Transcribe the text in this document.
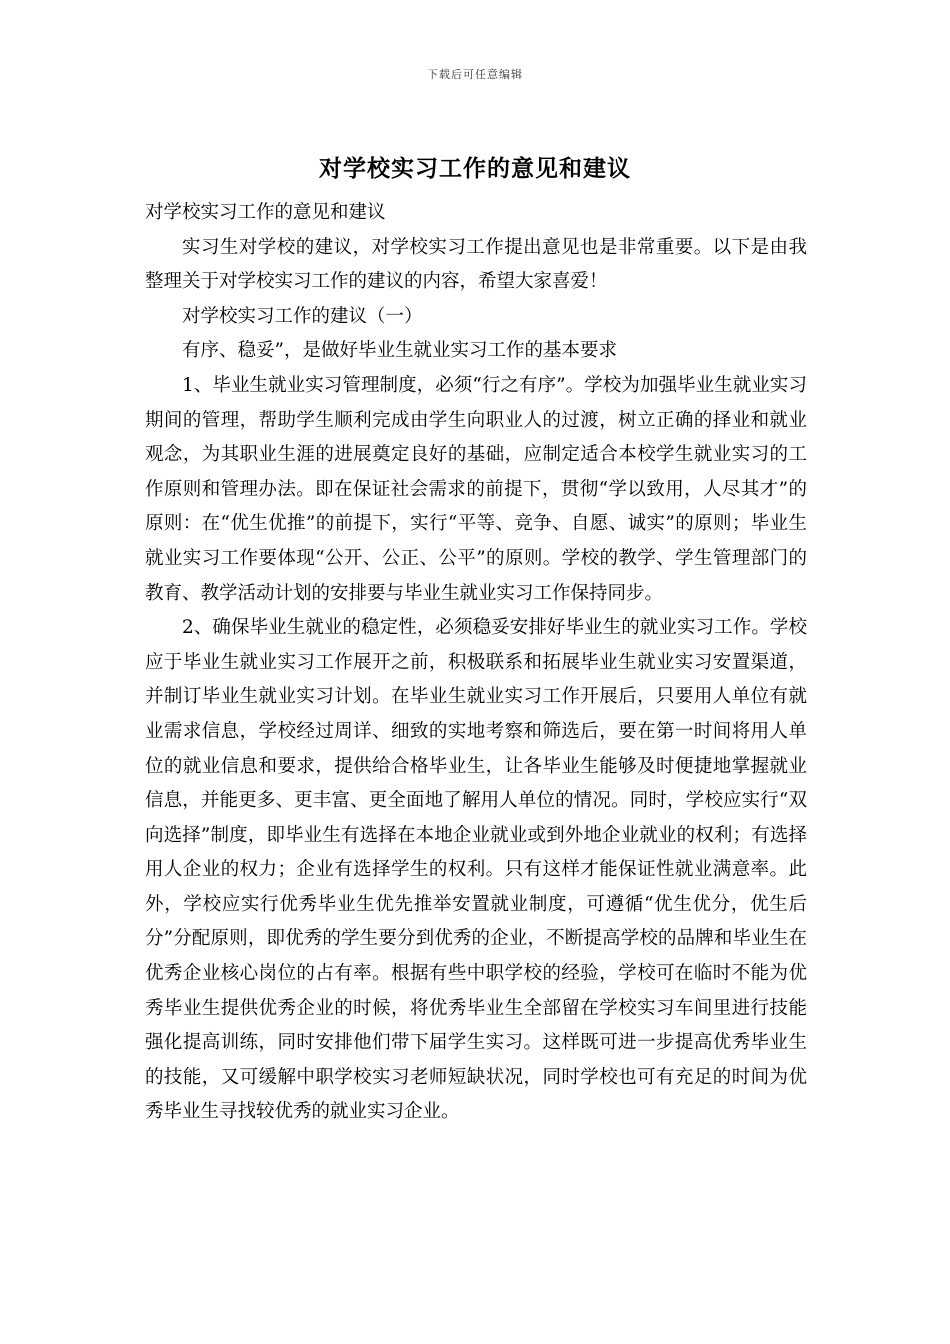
下载后可任意编辑
对学校实习工作的意见和建议

对学校实习工作的意见和建议

实习生对学校的建议，对学校实习工作提出意见也是非常重要。以下是由我整理关于对学校实习工作的建议的内容，希望大家喜爱！

对学校实习工作的建议（一）

有序、稳妥”，是做好毕业生就业实习工作的基本要求

1、毕业生就业实习管理制度，必须“行之有序”。学校为加强毕业生就业实习期间的管理，帮助学生顺利完成由学生向职业人的过渡，树立正确的择业和就业观念，为其职业生涯的进展奠定良好的基础，应制定适合本校学生就业实习的工作原则和管理办法。即在保证社会需求的前提下，贯彻“学以致用，人尽其才”的原则：在“优生优推”的前提下，实行“平等、竞争、自愿、诚实”的原则；毕业生就业实习工作要体现“公开、公正、公平”的原则。学校的教学、学生管理部门的教育、教学活动计划的安排要与毕业生就业实习工作保持同步。

2、确保毕业生就业的稳定性，必须稳妥安排好毕业生的就业实习工作。学校应于毕业生就业实习工作展开之前，积极联系和拓展毕业生就业实习安置渠道，并制订毕业生就业实习计划。在毕业生就业实习工作开展后，只要用人单位有就业需求信息，学校经过周详、细致的实地考察和筛选后，要在第一时间将用人单位的就业信息和要求，提供给合格毕业生，让各毕业生能够及时便捷地掌握就业信息，并能更多、更丰富、更全面地了解用人单位的情况。同时，学校应实行“双向选择”制度，即毕业生有选择在本地企业就业或到外地企业就业的权利；有选择用人企业的权力；企业有选择学生的权利。只有这样才能保证性就业满意率。此外，学校应实行优秀毕业生优先推举安置就业制度，可遵循“优生优分，优生后分”分配原则，即优秀的学生要分到优秀的企业，不断提高学校的品牌和毕业生在优秀企业核心岗位的占有率。根据有些中职学校的经验，学校可在临时不能为优秀毕业生提供优秀企业的时候，将优秀毕业生全部留在学校实习车间里进行技能强化提高训练，同时安排他们带下届学生实习。这样既可进一步提高优秀毕业生的技能，又可缓解中职学校实习老师短缺状况，同时学校也可有充足的时间为优秀毕业生寻找较优秀的就业实习企业。
